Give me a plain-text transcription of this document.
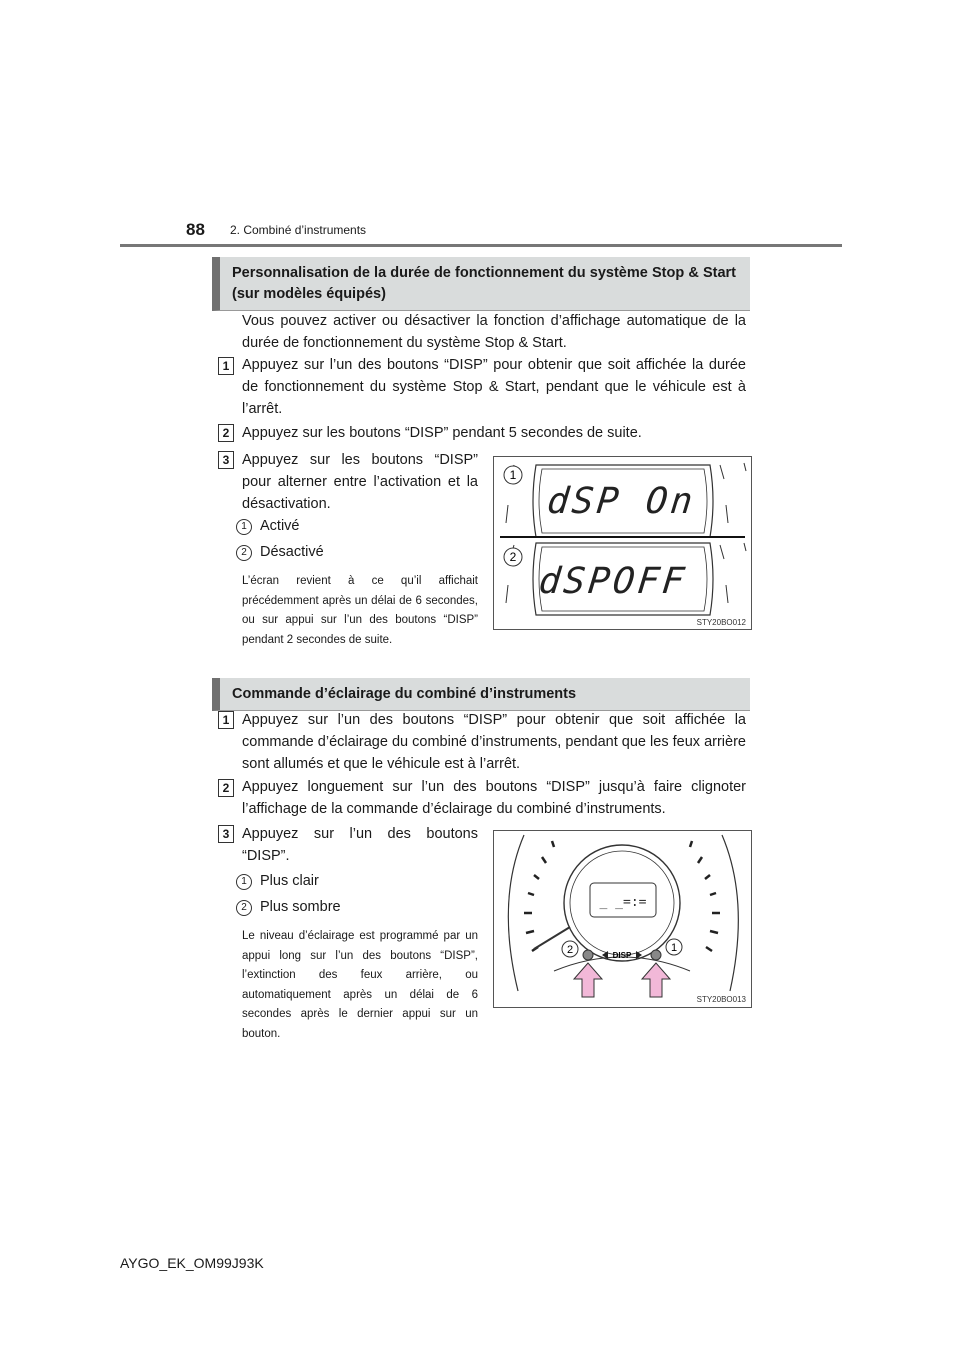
88 2. Combiné d’instruments
Personnalisation de la durée de fonctionnement du système Stop & Start (sur modèles équipés)
Vous pouvez activer ou désactiver la fonction d’affichage automatique de la durée de fonctionnement du système Stop & Start.
1 Appuyez sur l’un des boutons “DISP” pour obtenir que soit affichée la durée de fonctionnement du système Stop & Start, pendant que le véhicule est à l’arrêt.
2 Appuyez sur les boutons “DISP” pendant 5 secondes de suite.
3 Appuyez sur les boutons “DISP” pour alterner entre l’activation et la désactivation.
1 Activé
2 Désactivé
L’écran revient à ce qu’il affichait précédemment après un délai de 6 secondes, ou sur appui sur l’un des boutons “DISP” pendant 2 secondes de suite.
1
2
dSP On
dSPOFF
STY20BO012
Commande d’éclairage du combiné d’instruments
1 Appuyez sur l’un des boutons “DISP” pour obtenir que soit affichée la commande d’éclairage du combiné d’instruments, pendant que les feux arrière sont allumés et que le véhicule est à l’arrêt.
2 Appuyez longuement sur l’un des boutons “DISP” jusqu’à faire clignoter l’affichage de la commande d’éclairage du combiné d’instruments.
3 Appuyez sur l’un des boutons “DISP”.
1 Plus clair
2 Plus sombre
Le niveau d’éclairage est programmé par un appui long sur l’un des boutons “DISP”, l’extinction des feux arrière, ou automatiquement après un délai de 6 secondes après le dernier appui sur un bouton.
_ _=:=
DISP
2	1
STY20BO013
AYGO_EK_OM99J93K
